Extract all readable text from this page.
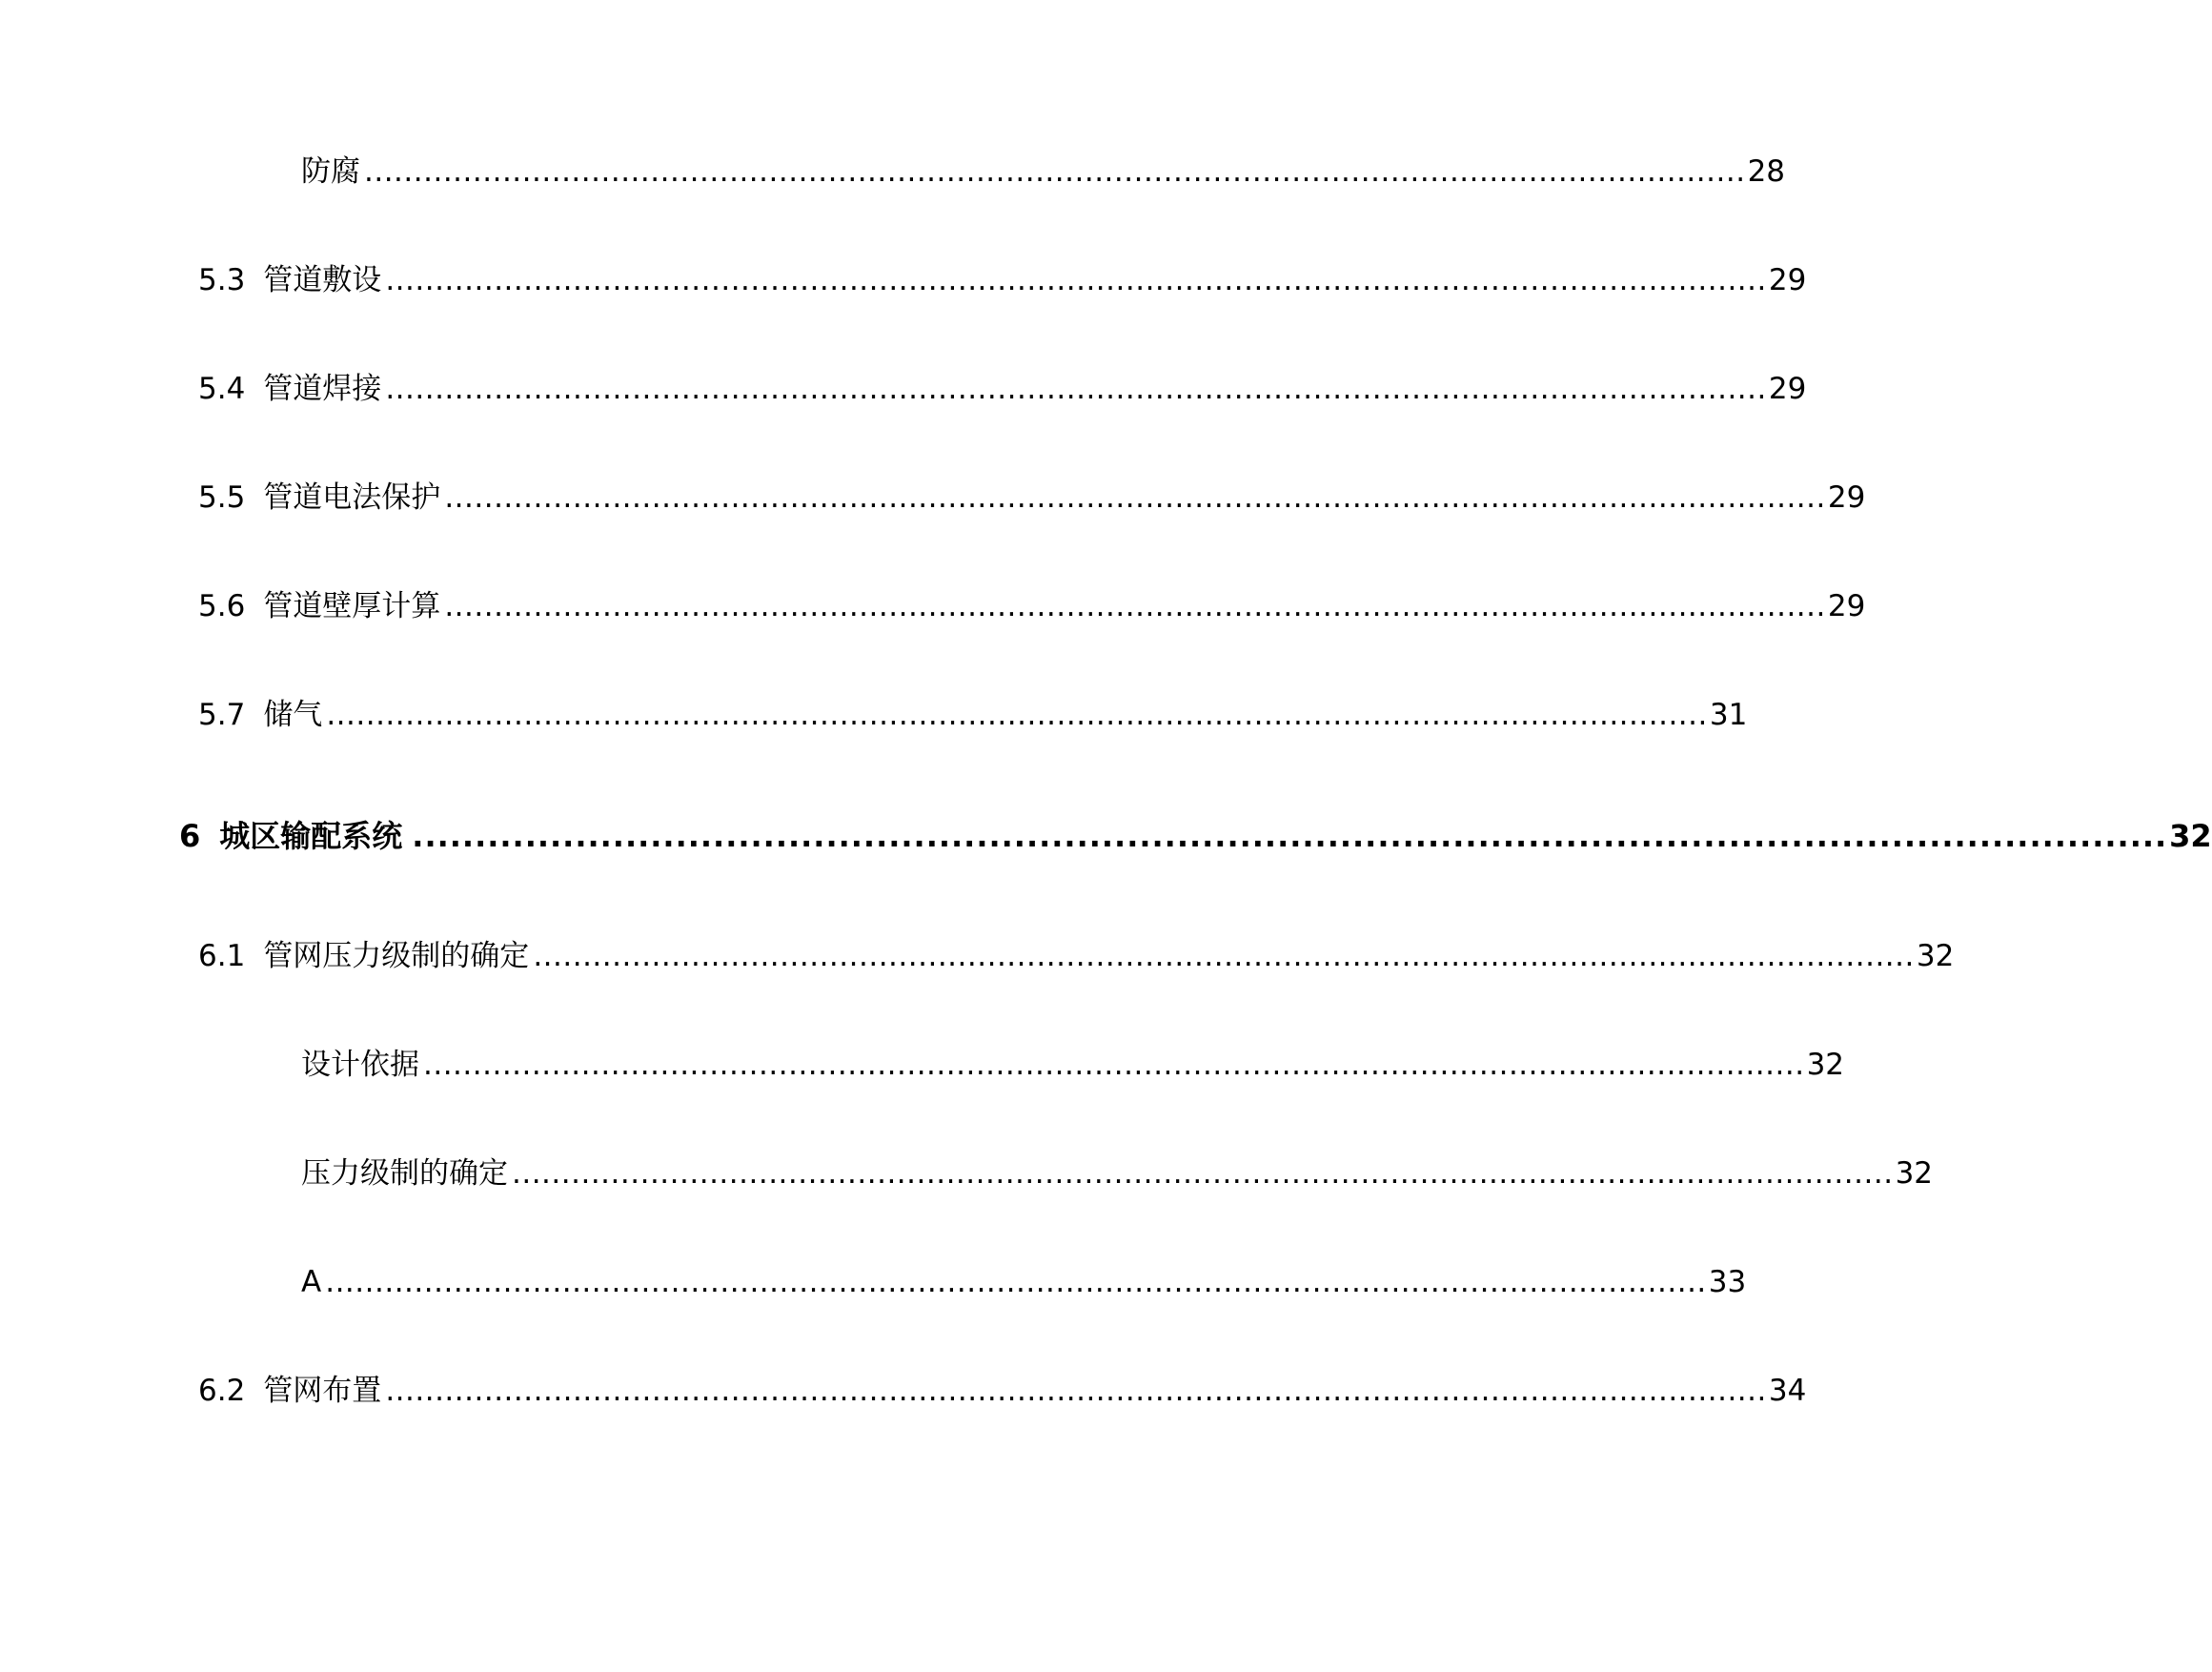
防腐 ............................................................................................................................................ 28
5.3 管道敷设 ............................................................................................................................................ 29
5.4 管道焊接 ............................................................................................................................................ 29
5.5 管道电法保护 ............................................................................................................................................ 29
5.6 管道壁厚计算 ............................................................................................................................................ 29
5.7 储气 ............................................................................................................................................ 31
6 城区输配系统 ............................................................................................................................................ 32
6.1 管网压力级制的确定 ............................................................................................................................................ 32
设计依据 ............................................................................................................................................ 32
压力级制的确定 ............................................................................................................................................ 32
A ............................................................................................................................................ 33
6.2 管网布置 ............................................................................................................................................ 34
